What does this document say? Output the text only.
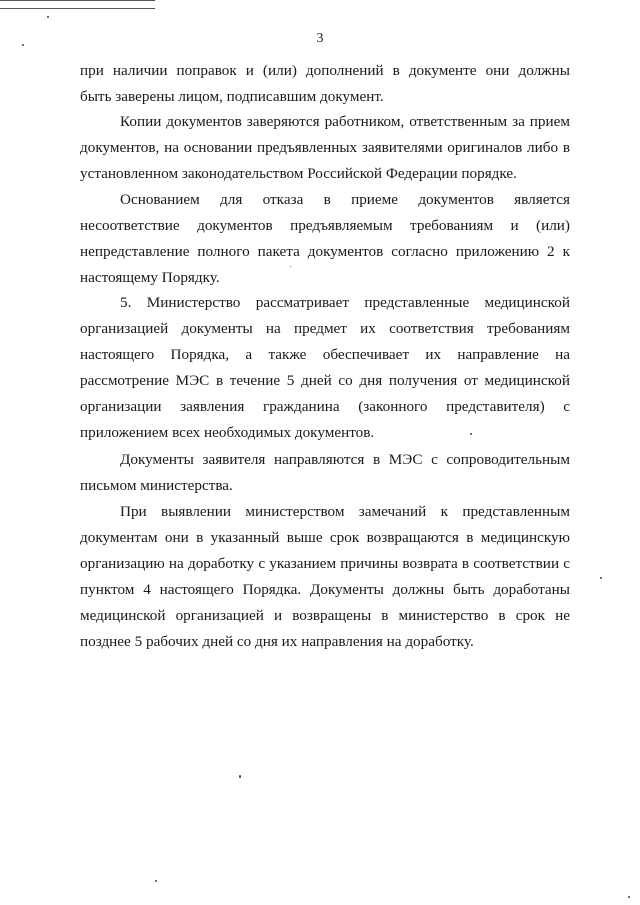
3
при наличии поправок и (или) дополнений в документе они должны
быть заверены лицом, подписавшим документ.
Копии документов заверяются работником, ответственным за прием
документов, на основании предъявленных заявителями оригиналов либо в
установленном законодательством Российской Федерации порядке.
Основанием для отказа в приеме документов является
несоответствие документов предъявляемым требованиям и (или)
непредставление полного пакета документов согласно приложению 2 к
настоящему Порядку.
5. Министерство рассматривает представленные медицинской
организацией документы на предмет их соответствия требованиям
настоящего Порядка, а также обеспечивает их направление на
рассмотрение МЭС в течение 5 дней со дня получения от медицинской
организации заявления гражданина (законного представителя) с
приложением всех необходимых документов.
Документы заявителя направляются в МЭС с сопроводительным
письмом министерства.
При выявлении министерством замечаний к представленным
документам они в указанный выше срок возвращаются в медицинскую
организацию на доработку с указанием причины возврата в соответствии с
пунктом 4 настоящего Порядка. Документы должны быть доработаны
медицинской организацией и возвращены в министерство в срок не
позднее 5 рабочих дней со дня их направления на доработку.
